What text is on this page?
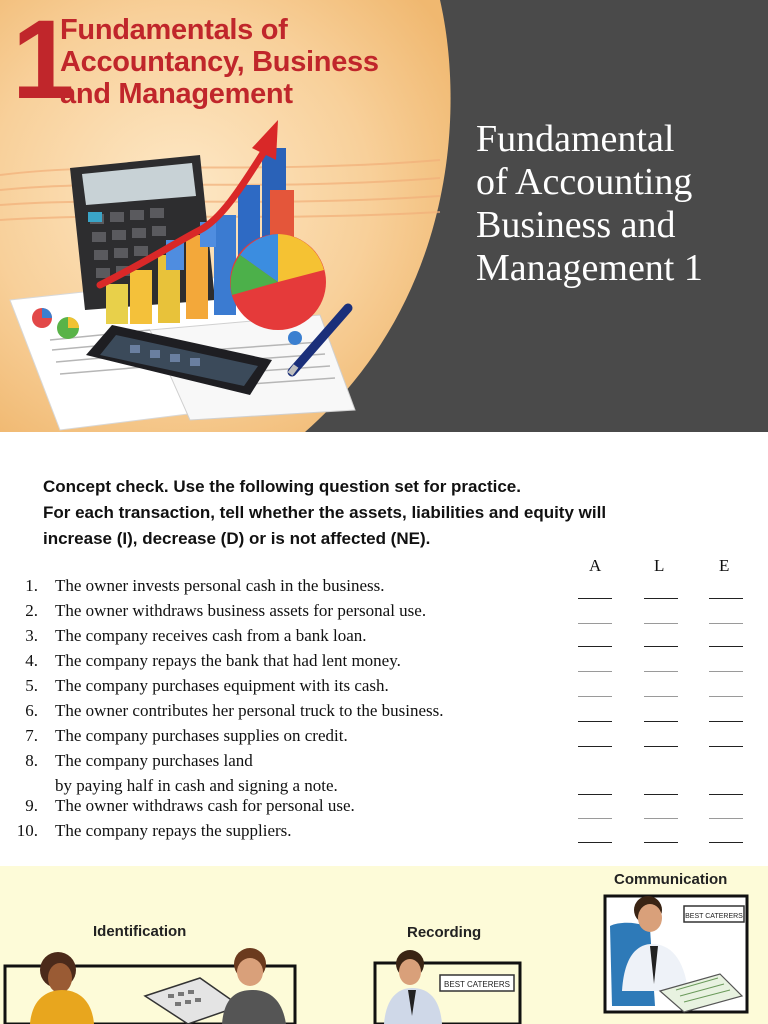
1
Fundamentals of
Accountancy, Business
and Management
Fundamental
of Accounting
Business and
Management 1
Concept check. Use the following question set for practice.
For each transaction, tell whether the assets, liabilities and equity will
increase (I), decrease (D) or is not affected (NE).
A	L	E
1. The owner invests personal cash in the business.
2. The owner withdraws business assets for personal use.
3. The company receives cash from a bank loan.
4. The company repays the bank that had lent money.
5. The company purchases equipment with its cash.
6. The owner contributes her personal truck to the business.
7. The company purchases supplies on credit.
8. The company purchases land
by paying half in cash and signing a note.
9. The owner withdraws cash for personal use.
10. The company repays the suppliers.
Identification	Recording
Communication
BEST CATERERS
BEST CATERERS
